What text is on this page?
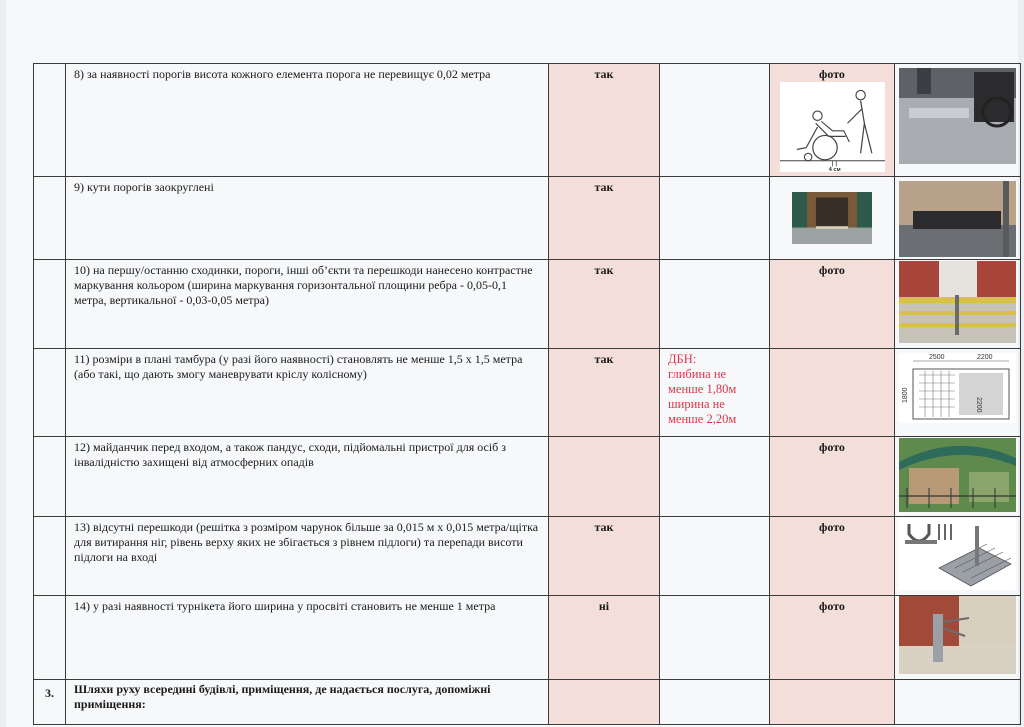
	8) за наявності порогів висота кожного елемента порога не перевищує 0,02 метра	так		фото
4 см

	9) кути порогів заокруглені	так		

	10) на першу/останню сходинки, пороги, інші об’єкти та перешкоди нанесено контрастне маркування кольором (ширина маркування горизонтальної площини ребра - 0,05-0,1 метра, вертикальної - 0,03-0,05 метра)	так		фото

	11) розміри в плані тамбура (у разі його наявності) становлять не менше 1,5 х 1,5 метра (або такі, що дають змогу маневрувати кріслу колісному)	так	ДБН:
глибина не
менше 1,80м
ширина не
менше 2,20м		2500 2200
2200
1800

	12) майданчик перед входом, а також пандус, сходи, підйомальні пристрої для осіб з інвалідністю захищені від атмосферних опадів			фото

	13) відсутні перешкоди (решітка з розміром чарунок більше за 0,015 м х 0,015 метра/щітка для витирання ніг, рівень верху яких не збігається з рівнем підлоги) та перепади висоти підлоги на вході	так		фото

	14) у разі наявності турнікета його ширина у просвіті становить не менше 1 метра	ні		фото

3.	Шляхи руху всередині будівлі, приміщення, де надається послуга, допоміжні приміщення:				
